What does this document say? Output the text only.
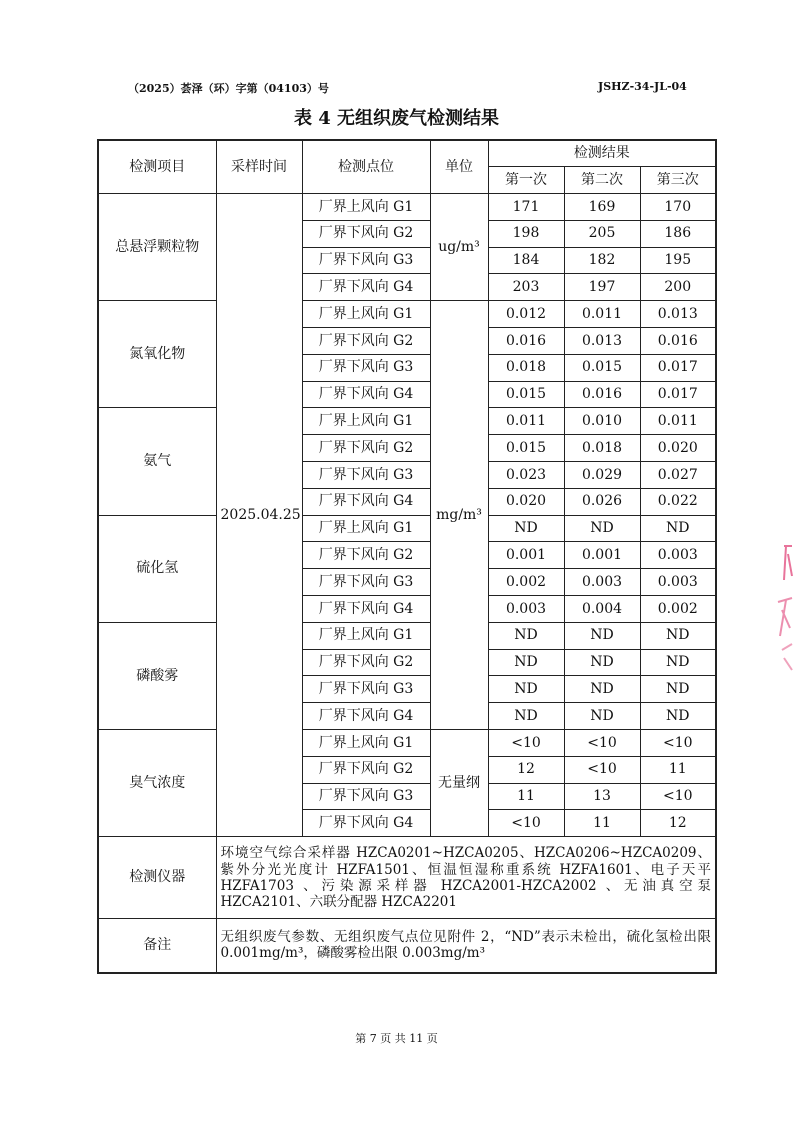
（2025）荟泽（环）字第（04103）号	JSHZ-34-JL-04
表 4 无组织废气检测结果
检测项目	采样时间	检测点位	单位	检测结果		
				第一次	第二次	第三次
总悬浮颗粒物	2025.04.25	厂界上风向 G1	ug/m³	171	169	170
		厂界下风向 G2		198	205	186
		厂界下风向 G3		184	182	195
		厂界下风向 G4		203	197	200
氮氧化物		厂界上风向 G1	mg/m³	0.012	0.011	0.013
		厂界下风向 G2		0.016	0.013	0.016
		厂界下风向 G3		0.018	0.015	0.017
		厂界下风向 G4		0.015	0.016	0.017
氨气		厂界上风向 G1		0.011	0.010	0.011
		厂界下风向 G2		0.015	0.018	0.020
		厂界下风向 G3		0.023	0.029	0.027
		厂界下风向 G4		0.020	0.026	0.022
硫化氢		厂界上风向 G1		ND	ND	ND
		厂界下风向 G2		0.001	0.001	0.003
		厂界下风向 G3		0.002	0.003	0.003
		厂界下风向 G4		0.003	0.004	0.002
磷酸雾		厂界上风向 G1		ND	ND	ND
		厂界下风向 G2		ND	ND	ND
		厂界下风向 G3		ND	ND	ND
		厂界下风向 G4		ND	ND	ND
臭气浓度		厂界上风向 G1	无量纲	<10	<10	<10
		厂界下风向 G2		12	<10	11
		厂界下风向 G3		11	13	<10
		厂界下风向 G4		<10	11	12
检测仪器	环境空气综合采样器 HZCA0201~HZCA0205、HZCA0206~HZCA0209、紫外分光光度计 HZFA1501、恒温恒湿称重系统 HZFA1601、电子天平 HZFA1703 、污染源采样器 HZCA2001-HZCA2002 、无油真空泵 HZCA2101、六联分配器 HZCA2201					
备注	无组织废气参数、无组织废气点位见附件 2，“ND”表示未检出，硫化氢检出限 0.001mg/m³，磷酸雾检出限 0.003mg/m³					
第 7 页 共 11 页
